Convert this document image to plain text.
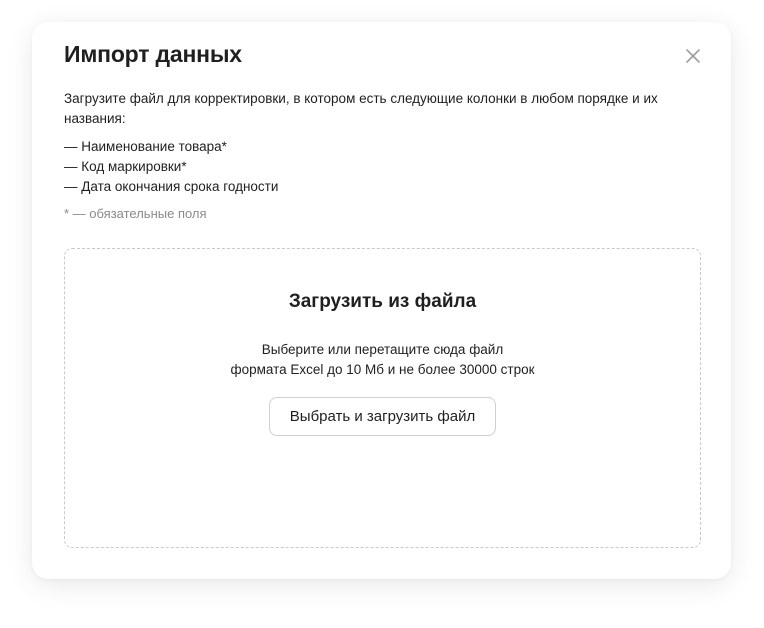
Импорт данных

Загрузите файл для корректировки, в котором есть следующие колонки в любом порядке и их названия:

— Наименование товара*
— Код маркировки*
— Дата окончания срока годности

* — обязательные поля

Загрузить из файла

Выберите или перетащите сюда файл
формата Excel до 10 Мб и не более 30000 строк

Выбрать и загрузить файл
